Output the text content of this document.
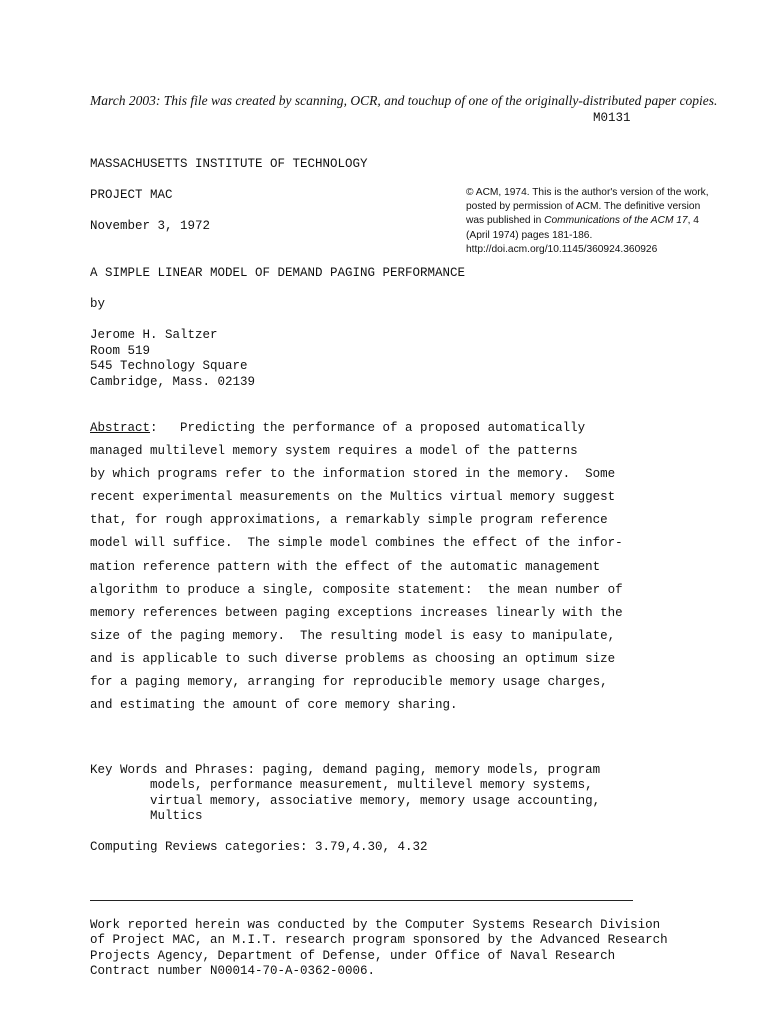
March 2003: This file was created by scanning, OCR, and touchup of one of the originally-distributed paper copies.
M0131
MASSACHUSETTS INSTITUTE OF TECHNOLOGY
PROJECT MAC
November 3, 1972
© ACM, 1974. This is the author's version of the work, posted by permission of ACM. The definitive version was published in Communications of the ACM 17, 4 (April 1974) pages 181-186.
http://doi.acm.org/10.1145/360924.360926
A SIMPLE LINEAR MODEL OF DEMAND PAGING PERFORMANCE
by
Jerome H. Saltzer
Room 519
545 Technology Square
Cambridge, Mass. 02139
Abstract:   Predicting the performance of a proposed automatically
managed multilevel memory system requires a model of the patterns
by which programs refer to the information stored in the memory.  Some
recent experimental measurements on the Multics virtual memory suggest
that, for rough approximations, a remarkably simple program reference
model will suffice.  The simple model combines the effect of the infor-
mation reference pattern with the effect of the automatic management
algorithm to produce a single, composite statement:  the mean number of
memory references between paging exceptions increases linearly with the
size of the paging memory.  The resulting model is easy to manipulate,
and is applicable to such diverse problems as choosing an optimum size
for a paging memory, arranging for reproducible memory usage charges,
and estimating the amount of core memory sharing.
Key Words and Phrases: paging, demand paging, memory models, program
models, performance measurement, multilevel memory systems,
virtual memory, associative memory, memory usage accounting,
Multics
Computing Reviews categories: 3.79,4.30, 4.32
Work reported herein was conducted by the Computer Systems Research Division
of Project MAC, an M.I.T. research program sponsored by the Advanced Research
Projects Agency, Department of Defense, under Office of Naval Research
Contract number N00014-70-A-0362-0006.
